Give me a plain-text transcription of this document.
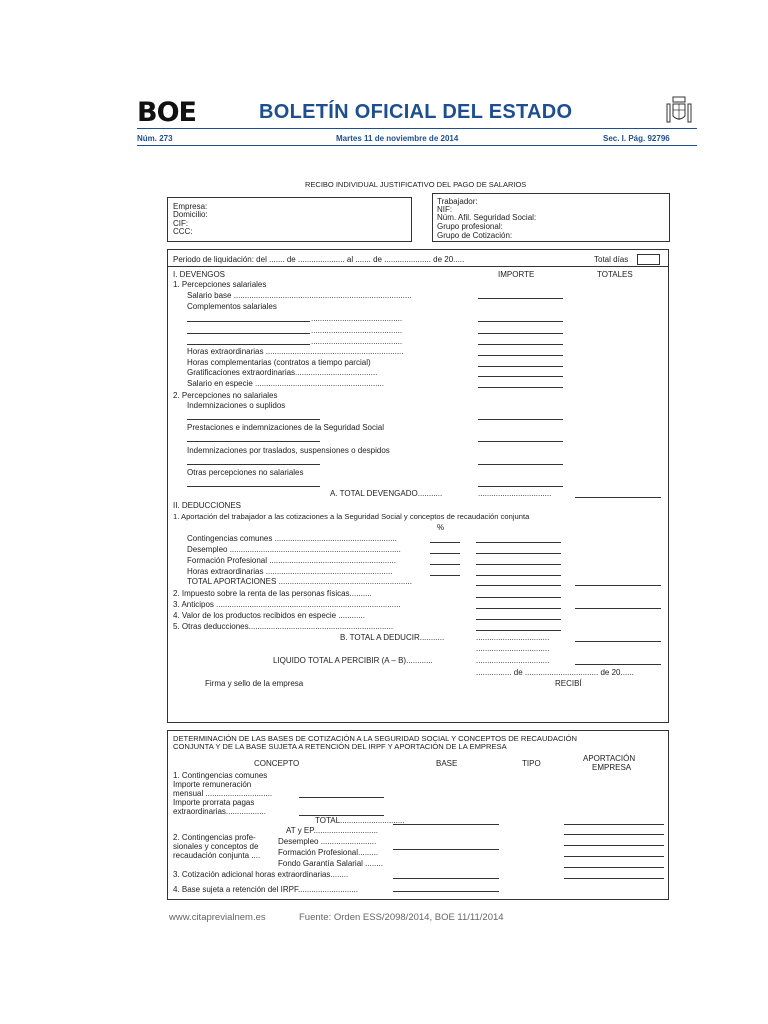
BOE	BOLETÍN OFICIAL DEL ESTADO
Núm. 273	Martes 11 de noviembre de 2014	Sec. I. Pág. 92796
RECIBO INDIVIDUAL JUSTIFICATIVO DEL PAGO DE SALARIOS
Empresa:
Domicilio:
CIF:
CCC:
Trabajador:
NIF:
Núm. Afil. Seguridad Social:
Grupo profesional:
Grupo de Cotización:
Periodo de liquidación: del ....... de ..................... al ....... de ..................... de 20.....	Total días
I. DEVENGOS	IMPORTE	TOTALES
1. Percepciones salariales
Salario base ................................................................................
Complementos salariales
.........................................
.........................................
.........................................
Horas extraordinarias ..............................................................
Horas complementarias (contratos a tiempo parcial)
Gratificaciones extraordinarias.....................................
Salario en especie ..........................................................
2. Percepciones no salariales
Indemnizaciones o suplidos
Prestaciones e indemnizaciones de la Seguridad Social
Indemnizaciones por traslados, suspensiones o despidos
Otras percepciones no salariales
A. TOTAL DEVENGADO...........	.................................
II. DEDUCCIONES
1. Aportación del trabajador a las cotizaciones a la Seguridad Social y conceptos de recaudación conjunta
%
Contingencias comunes .......................................................
Desempleo .............................................................................
Formación Profesional .........................................................
Horas extraordinarias .........................................................
TOTAL APORTACIONES ............................................................
2. Impuesto sobre la renta de las personas físicas..........
3. Anticipos ...................................................................................
4. Valor de los productos recibidos en especie ............
5. Otras deducciones.................................................................
B. TOTAL A DEDUCIR...........	.................................
.................................
LIQUIDO TOTAL A PERCIBIR (A – B)............	.................................
................ de ................................. de 20......
Firma y sello de la empresa	RECIBÍ
DETERMINACIÓN DE LAS BASES DE COTIZACIÓN A LA SEGURIDAD SOCIAL Y CONCEPTOS DE RECAUDACIÓN
CONJUNTA Y DE LA BASE SUJETA A RETENCIÓN DEL IRPF Y APORTACIÓN DE LA EMPRESA
CONCEPTO	BASE	TIPO
APORTACIÓN
EMPRESA
1. Contingencias comunes
Importe remuneración
mensual ..............................
Importe prorrata pagas
extraordinarias..................
TOTAL.............................
2. Contingencias profe-
sionales y conceptos de
recaudación conjunta ....
AT y EP.............................
Desempleo .........................
Formación Profesional.........
Fondo Garantía Salarial ........
3. Cotización adicional horas extraordinarias........
4. Base sujeta a retención del IRPF...........................
www.citaprevialnem.es	Fuente: Orden ESS/2098/2014, BOE 11/11/2014
